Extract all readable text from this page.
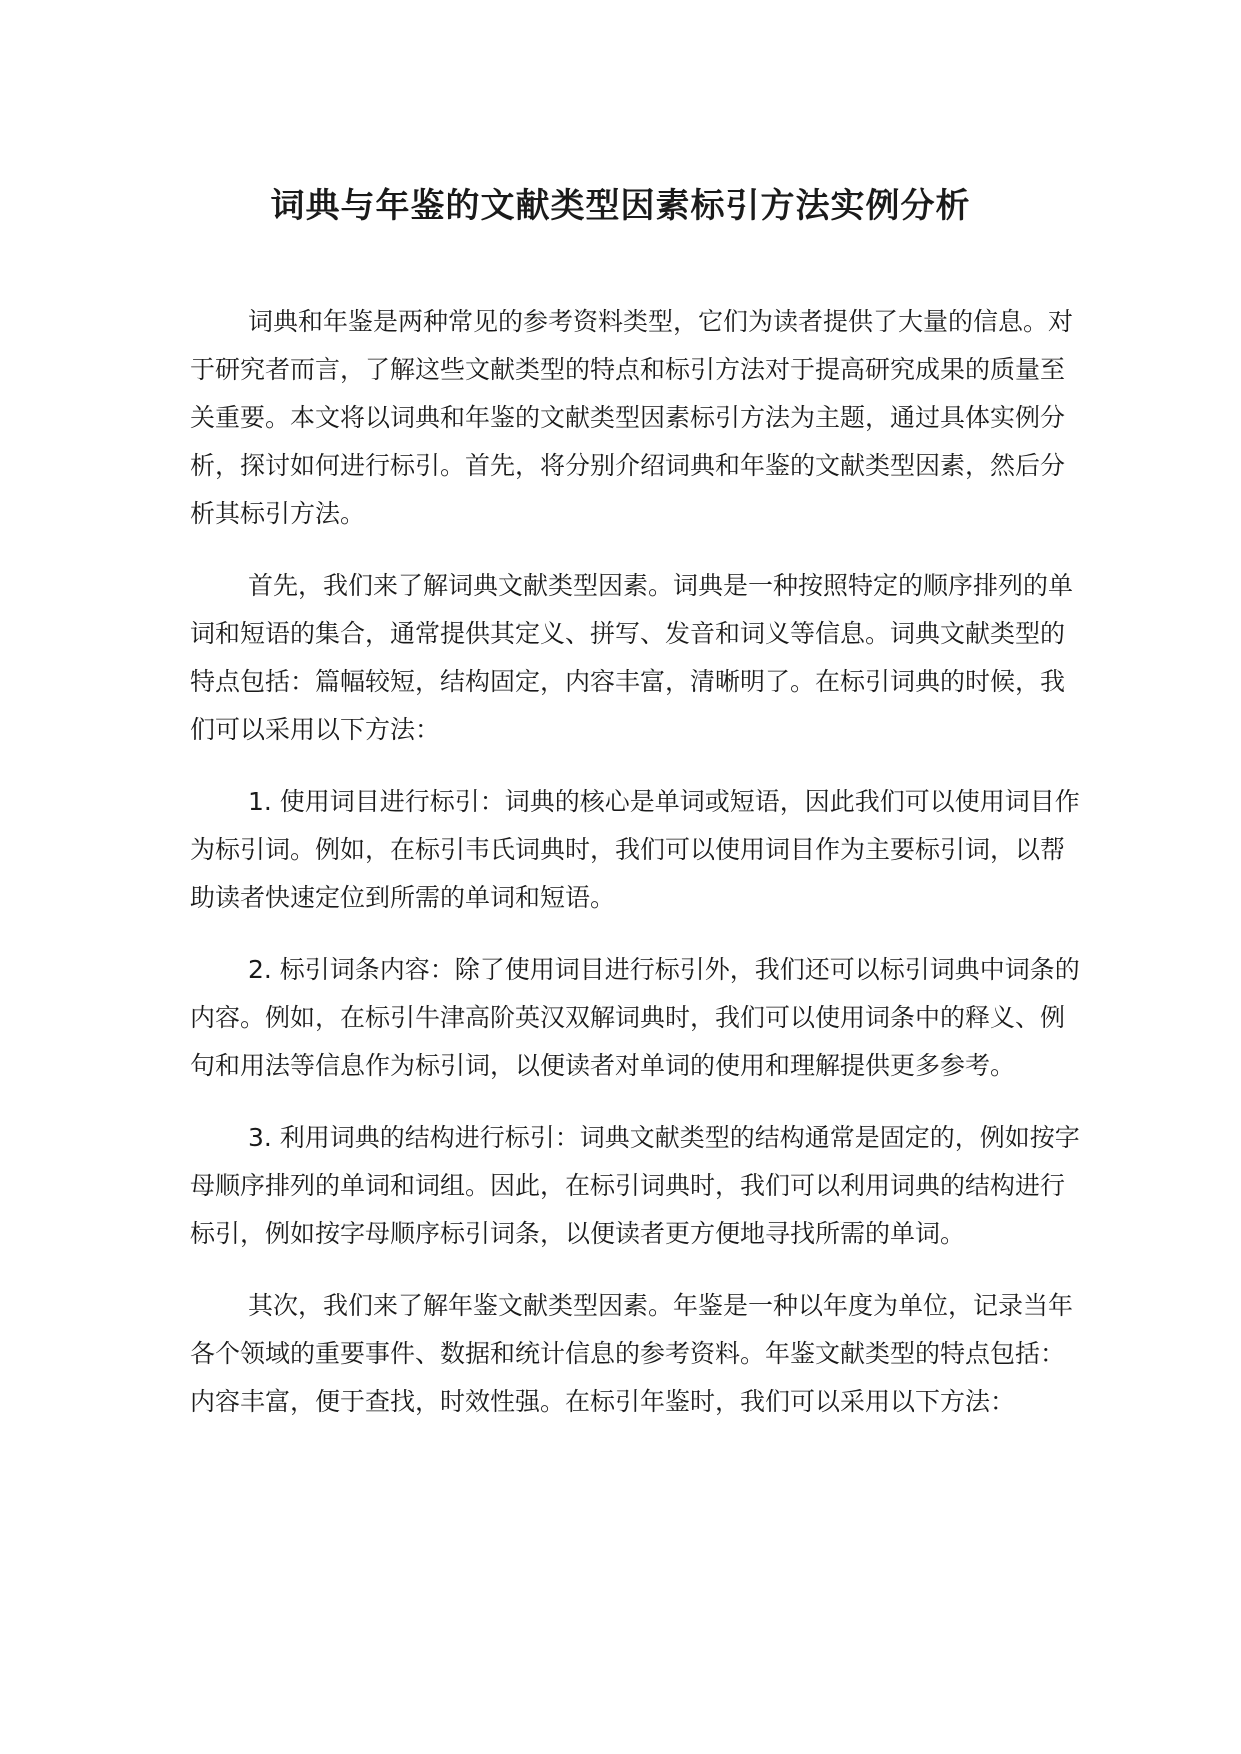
词典与年鉴的文献类型因素标引方法实例分析

词典和年鉴是两种常见的参考资料类型，它们为读者提供了大量的信息。对于研究者而言，了解这些文献类型的特点和标引方法对于提高研究成果的质量至关重要。本文将以词典和年鉴的文献类型因素标引方法为主题，通过具体实例分析，探讨如何进行标引。首先，将分别介绍词典和年鉴的文献类型因素，然后分析其标引方法。

首先，我们来了解词典文献类型因素。词典是一种按照特定的顺序排列的单词和短语的集合，通常提供其定义、拼写、发音和词义等信息。词典文献类型的特点包括：篇幅较短，结构固定，内容丰富，清晰明了。在标引词典的时候，我们可以采用以下方法：

1. 使用词目进行标引：词典的核心是单词或短语，因此我们可以使用词目作为标引词。例如，在标引韦氏词典时，我们可以使用词目作为主要标引词，以帮助读者快速定位到所需的单词和短语。

2. 标引词条内容：除了使用词目进行标引外，我们还可以标引词典中词条的内容。例如，在标引牛津高阶英汉双解词典时，我们可以使用词条中的释义、例句和用法等信息作为标引词，以便读者对单词的使用和理解提供更多参考。

3. 利用词典的结构进行标引：词典文献类型的结构通常是固定的，例如按字母顺序排列的单词和词组。因此，在标引词典时，我们可以利用词典的结构进行标引，例如按字母顺序标引词条，以便读者更方便地寻找所需的单词。

其次，我们来了解年鉴文献类型因素。年鉴是一种以年度为单位，记录当年各个领域的重要事件、数据和统计信息的参考资料。年鉴文献类型的特点包括：内容丰富，便于查找，时效性强。在标引年鉴时，我们可以采用以下方法：
